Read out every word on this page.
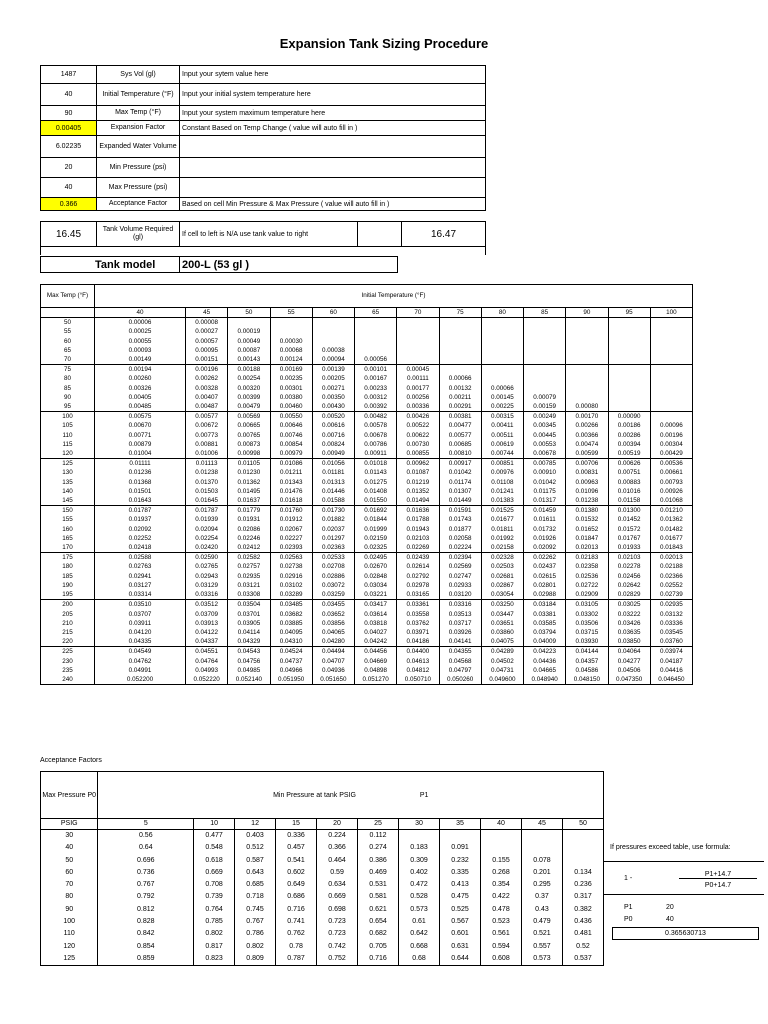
Expansion Tank Sizing Procedure
1487	Sys Vol (gl)	Input your sytem value here
40	Initial Temperature (°F)	Input your initial system temperature here
90	Max Temp (°F)	Input your system maximum temperature here
0.00405	Expansion Factor	Constant Based on Temp Change ( value will auto fill in )
6.02235	Expanded Water Volume	
20	Min Pressure (psi)	
40	Max Pressure (psi)	
0.366	Acceptance Factor	Based on cell Min Pressure & Max Pressure ( value will auto fill in )
16.45	Tank Volume Required (gl)	If cell to left is N/A use tank value to right		16.47

	Tank model	200-L (53 gl )
Max Temp (°F)	Initial Temperature (°F)												
	40	45	50	55	60	65	70	75	80	85	90	95	100
50	0.00006	0.00008											
55	0.00025	0.00027	0.00019										
60	0.00055	0.00057	0.00049	0.00030									
65	0.00093	0.00095	0.00087	0.00068	0.00038								
70	0.00149	0.00151	0.00143	0.00124	0.00094	0.00056							
75	0.00194	0.00196	0.00188	0.00169	0.00139	0.00101	0.00045						
80	0.00260	0.00262	0.00254	0.00235	0.00205	0.00167	0.00111	0.00066					
85	0.00326	0.00328	0.00320	0.00301	0.00271	0.00233	0.00177	0.00132	0.00066				
90	0.00405	0.00407	0.00399	0.00380	0.00350	0.00312	0.00256	0.00211	0.00145	0.00079			
95	0.00485	0.00487	0.00479	0.00460	0.00430	0.00392	0.00336	0.00291	0.00225	0.00159	0.00080		
100	0.00575	0.00577	0.00569	0.00550	0.00520	0.00482	0.00426	0.00381	0.00315	0.00249	0.00170	0.00090	
105	0.00670	0.00672	0.00665	0.00646	0.00616	0.00578	0.00522	0.00477	0.00411	0.00345	0.00266	0.00186	0.00096
110	0.00771	0.00773	0.00765	0.00746	0.00716	0.00678	0.00622	0.00577	0.00511	0.00445	0.00366	0.00286	0.00196
115	0.00879	0.00881	0.00873	0.00854	0.00824	0.00786	0.00730	0.00685	0.00619	0.00553	0.00474	0.00394	0.00304
120	0.01004	0.01006	0.00998	0.00979	0.00949	0.00911	0.00855	0.00810	0.00744	0.00678	0.00599	0.00519	0.00429
125	0.01111	0.01113	0.01105	0.01086	0.01056	0.01018	0.00962	0.00917	0.00851	0.00785	0.00706	0.00626	0.00536
130	0.01236	0.01238	0.01230	0.01211	0.01181	0.01143	0.01087	0.01042	0.00976	0.00910	0.00831	0.00751	0.00661
135	0.01368	0.01370	0.01362	0.01343	0.01313	0.01275	0.01219	0.01174	0.01108	0.01042	0.00963	0.00883	0.00793
140	0.01501	0.01503	0.01495	0.01476	0.01446	0.01408	0.01352	0.01307	0.01241	0.01175	0.01096	0.01016	0.00926
145	0.01643	0.01645	0.01637	0.01618	0.01588	0.01550	0.01494	0.01449	0.01383	0.01317	0.01238	0.01158	0.01068
150	0.01787	0.01787	0.01779	0.01760	0.01730	0.01692	0.01636	0.01591	0.01525	0.01459	0.01380	0.01300	0.01210
155	0.01937	0.01939	0.01931	0.01912	0.01882	0.01844	0.01788	0.01743	0.01677	0.01611	0.01532	0.01452	0.01362
160	0.02092	0.02094	0.02086	0.02067	0.02037	0.01999	0.01943	0.01877	0.01811	0.01732	0.01652	0.01572	0.01482
165	0.02252	0.02254	0.02246	0.02227	0.01297	0.02159	0.02103	0.02058	0.01992	0.01926	0.01847	0.01767	0.01677
170	0.02418	0.02420	0.02412	0.02393	0.02363	0.02325	0.02269	0.02224	0.02158	0.02092	0.02013	0.01933	0.01843
175	0.02588	0.02590	0.02582	0.02563	0.02533	0.02495	0.02439	0.02394	0.02328	0.02262	0.02183	0.02103	0.02013
180	0.02763	0.02765	0.02757	0.02738	0.02708	0.02670	0.02614	0.02569	0.02503	0.02437	0.02358	0.02278	0.02188
185	0.02941	0.02943	0.02935	0.02916	0.02886	0.02848	0.02792	0.02747	0.02681	0.02615	0.02536	0.02456	0.02366
190	0.03127	0.03129	0.03121	0.03102	0.03072	0.03034	0.02978	0.02933	0.02867	0.02801	0.02722	0.02642	0.02552
195	0.03314	0.03316	0.03308	0.03289	0.03259	0.03221	0.03165	0.03120	0.03054	0.02988	0.02909	0.02829	0.02739
200	0.03510	0.03512	0.03504	0.03485	0.03455	0.03417	0.03361	0.03316	0.03250	0.03184	0.03105	0.03025	0.02935
205	0.03707	0.03709	0.03701	0.03682	0.03652	0.03614	0.03558	0.03513	0.03447	0.03381	0.03302	0.03222	0.03132
210	0.03911	0.03913	0.03905	0.03885	0.03856	0.03818	0.03762	0.03717	0.03651	0.03585	0.03506	0.03426	0.03336
215	0.04120	0.04122	0.04114	0.04095	0.04065	0.04027	0.03971	0.03926	0.03860	0.03794	0.03715	0.03635	0.03545
220	0.04335	0.04337	0.04329	0.04310	0.04280	0.04242	0.04186	0.04141	0.04075	0.04009	0.03930	0.03850	0.03760
225	0.04549	0.04551	0.04543	0.04524	0.04494	0.04456	0.04400	0.04355	0.04289	0.04223	0.04144	0.04064	0.03974
230	0.04762	0.04764	0.04756	0.04737	0.04707	0.04669	0.04613	0.04568	0.04502	0.04436	0.04357	0.04277	0.04187
235	0.04991	0.04993	0.04985	0.04966	0.04936	0.04898	0.04812	0.04797	0.04731	0.04665	0.04586	0.04506	0.04416
240	0.052200	0.052220	0.052140	0.051950	0.051650	0.051270	0.050710	0.050260	0.049600	0.048940	0.048150	0.047350	0.046450
Acceptance Factors
Max Pressure P0	Min Pressure at tank PSIG P1										
PSIG	5	10	12	15	20	25	30	35	40	45	50
30	0.56	0.477	0.403	0.336	0.224	0.112					
40	0.64	0.548	0.512	0.457	0.366	0.274	0.183	0.091			
50	0.696	0.618	0.587	0.541	0.464	0.386	0.309	0.232	0.155	0.078	
60	0.736	0.669	0.643	0.602	0.59	0.469	0.402	0.335	0.268	0.201	0.134
70	0.767	0.708	0.685	0.649	0.634	0.531	0.472	0.413	0.354	0.295	0.236
80	0.792	0.739	0.718	0.686	0.669	0.581	0.528	0.475	0.422	0.37	0.317
90	0.812	0.764	0.745	0.716	0.698	0.621	0.573	0.525	0.478	0.43	0.382
100	0.828	0.785	0.767	0.741	0.723	0.654	0.61	0.567	0.523	0.479	0.436
110	0.842	0.802	0.786	0.762	0.723	0.682	0.642	0.601	0.561	0.521	0.481
120	0.854	0.817	0.802	0.78	0.742	0.705	0.668	0.631	0.594	0.557	0.52
125	0.859	0.823	0.809	0.787	0.752	0.716	0.68	0.644	0.608	0.573	0.537
If pressures exceed table, use formula:
1 -
P1+14.7
P0+14.7
P1	20
P0	40
0.365630713
